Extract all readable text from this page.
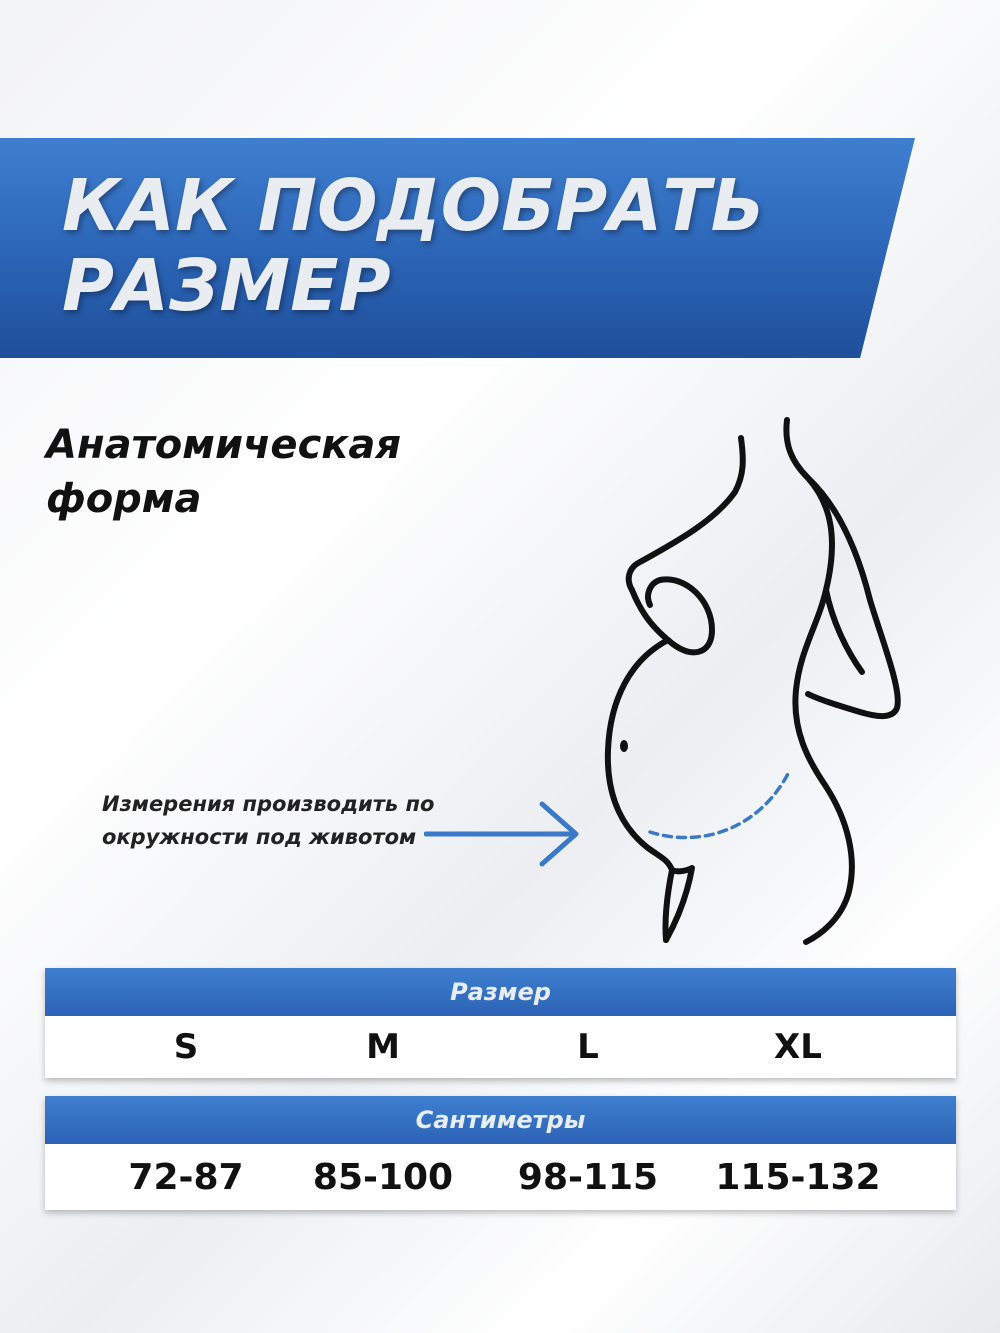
КАК ПОДОБРАТЬ РАЗМЕР

Анатомическая форма

Измерения производить по окружности под животом

Размер
S	M	L	XL
Сантиметры
72-87	85-100	98-115	115-132
